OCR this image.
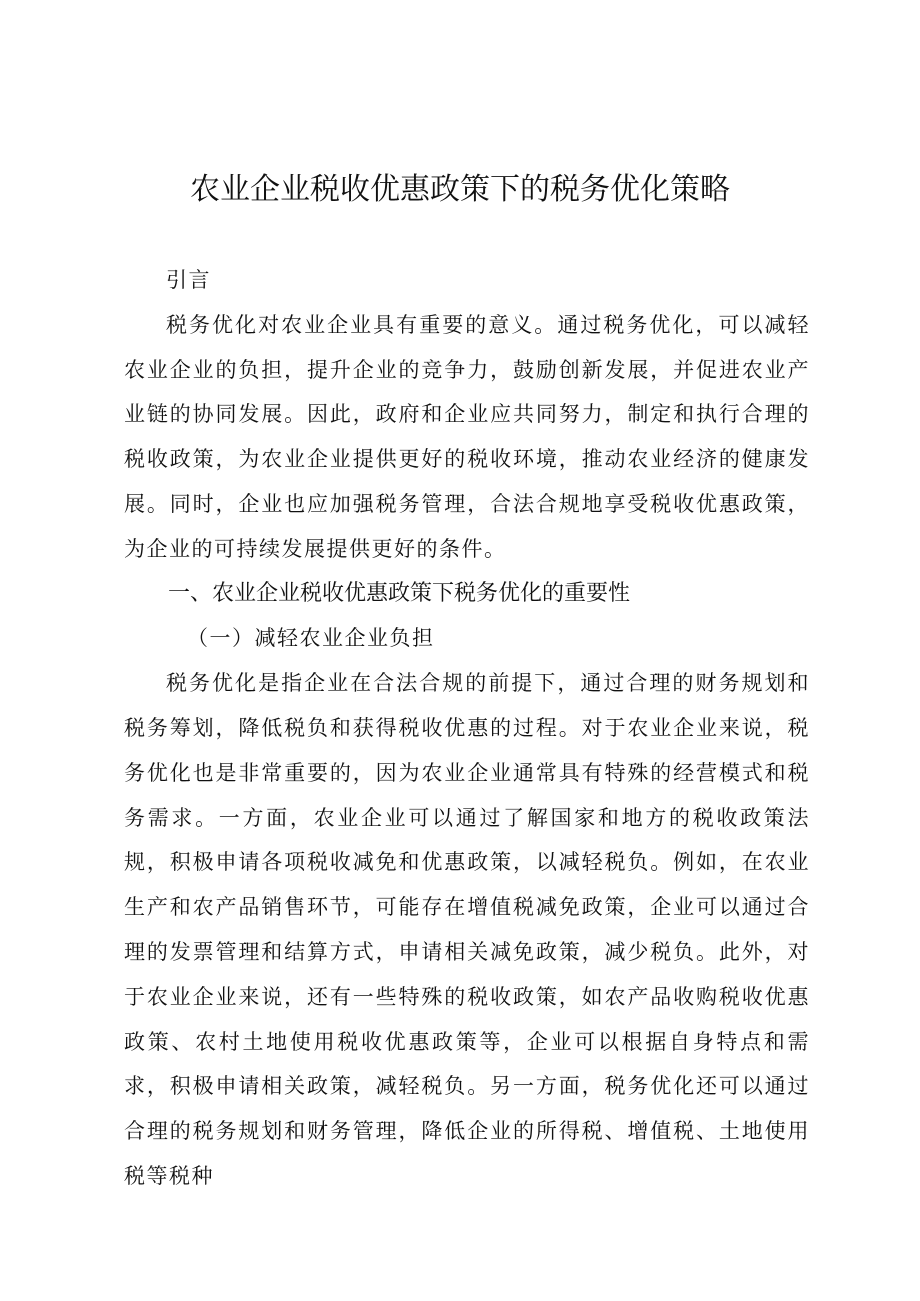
农业企业税收优惠政策下的税务优化策略

引言

税务优化对农业企业具有重要的意义。通过税务优化，可以减轻农业企业的负担，提升企业的竞争力，鼓励创新发展，并促进农业产业链的协同发展。因此，政府和企业应共同努力，制定和执行合理的税收政策，为农业企业提供更好的税收环境，推动农业经济的健康发展。同时，企业也应加强税务管理，合法合规地享受税收优惠政策，为企业的可持续发展提供更好的条件。

一、农业企业税收优惠政策下税务优化的重要性

（一）减轻农业企业负担

税务优化是指企业在合法合规的前提下，通过合理的财务规划和税务筹划，降低税负和获得税收优惠的过程。对于农业企业来说，税务优化也是非常重要的，因为农业企业通常具有特殊的经营模式和税务需求。一方面，农业企业可以通过了解国家和地方的税收政策法规，积极申请各项税收减免和优惠政策，以减轻税负。例如，在农业生产和农产品销售环节，可能存在增值税减免政策，企业可以通过合理的发票管理和结算方式，申请相关减免政策，减少税负。此外，对于农业企业来说，还有一些特殊的税收政策，如农产品收购税收优惠政策、农村土地使用税收优惠政策等，企业可以根据自身特点和需求，积极申请相关政策，减轻税负。另一方面，税务优化还可以通过合理的税务规划和财务管理，降低企业的所得税、增值税、土地使用税等税种
